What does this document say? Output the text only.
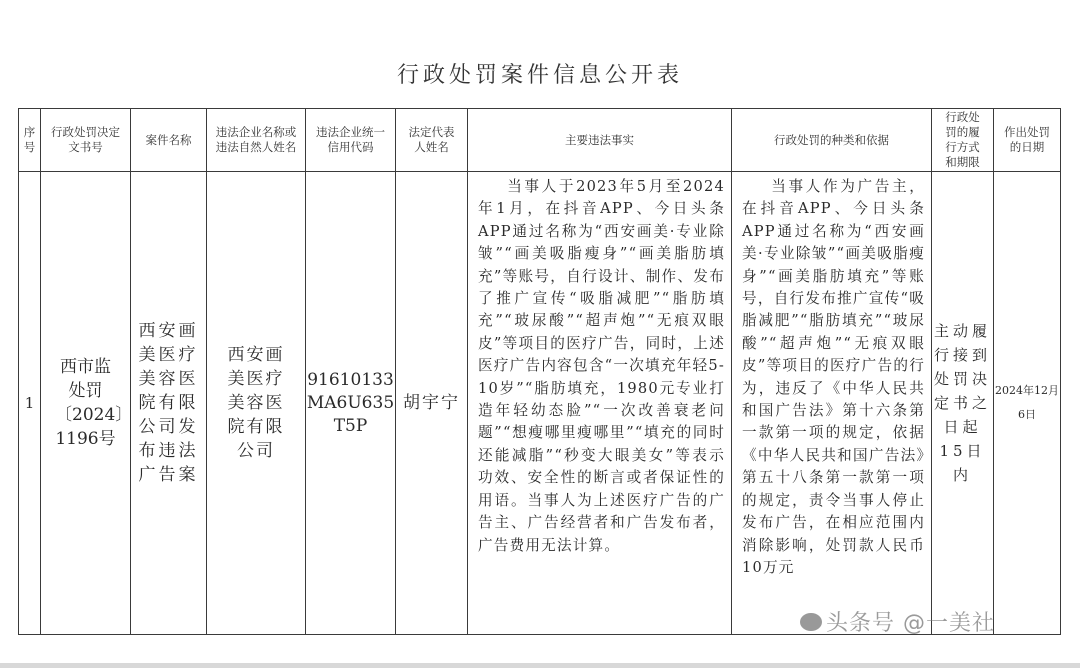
行政处罚案件信息公开表
序号	行政处罚决定文书号	案件名称	违法企业名称或违法自然人姓名	违法企业统一信用代码	法定代表人姓名	主要违法事实	行政处罚的种类和依据	行政处罚的履行方式和期限	作出处罚的日期
1	西市监处罚〔2024〕1196号	西安画美医疗美容医院有限公司发布违法广告案	西安画美医疗美容医院有限公司	91610133MA6U635T5P	胡宇宁	当事人于2023年5月至2024年1月，在抖音APP、今日头条APP通过名称为“西安画美·专业除皱”“画美吸脂瘦身”“画美脂肪填充”等账号，自行设计、制作、发布了推广宣传“吸脂减肥”“脂肪填充”“玻尿酸”“超声炮”“无痕双眼皮”等项目的医疗广告，同时，上述医疗广告内容包含“一次填充年轻5-10岁”“脂肪填充，1980元专业打造年轻幼态脸”“一次改善衰老问题”“想瘦哪里瘦哪里”“填充的同时还能减脂”“秒变大眼美女”等表示功效、安全性的断言或者保证性的用语。当事人为上述医疗广告的广告主、广告经营者和广告发布者，广告费用无法计算。	当事人作为广告主，在抖音APP、今日头条APP通过名称为“西安画美·专业除皱”“画美吸脂瘦身”“画美脂肪填充”等账号，自行发布推广宣传“吸脂减肥”“脂肪填充”“玻尿酸”“超声炮”“无痕双眼皮”等项目的医疗广告的行为，违反了《中华人民共和国广告法》第十六条第一款第一项的规定，依据《中华人民共和国广告法》第五十八条第一款第一项的规定，责令当事人停止发布广告，在相应范围内消除影响，处罚款人民币10万元	主动履行接到处罚决定书之日起15日内	2024年12月6日
头条号 @一美社
